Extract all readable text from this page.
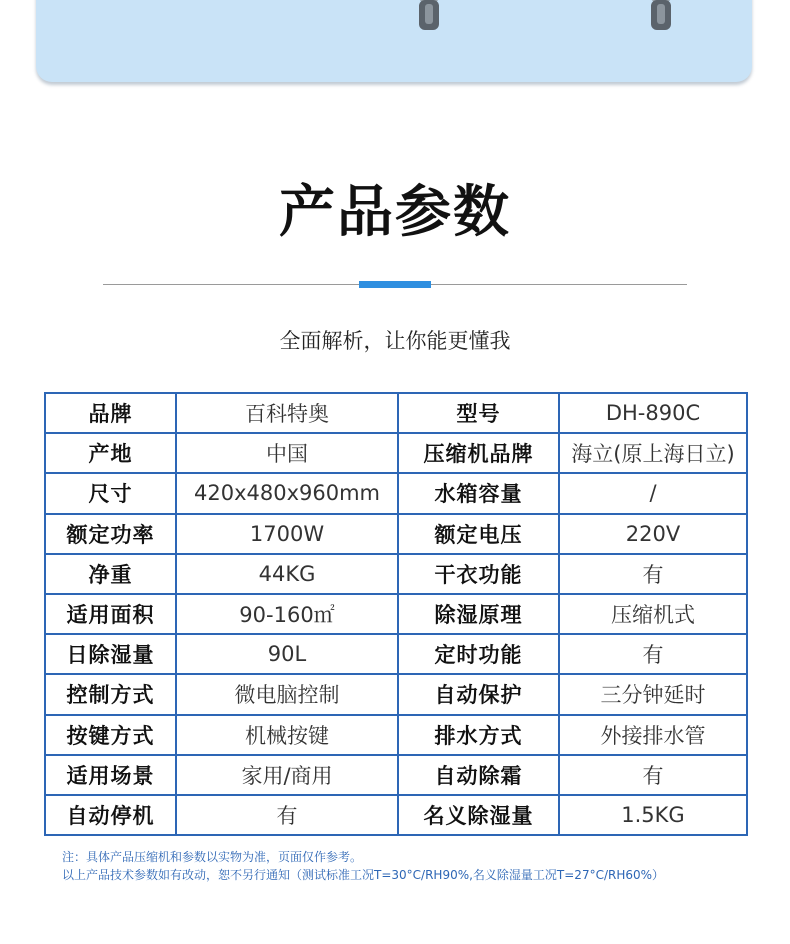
产品参数
全面解析，让你能更懂我
品牌	百科特奥	型号	DH-890C
产地	中国	压缩机品牌	海立(原上海日立)
尺寸	420x480x960mm	水箱容量	/
额定功率	1700W	额定电压	220V
净重	44KG	干衣功能	有
适用面积	90-160㎡	除湿原理	压缩机式
日除湿量	90L	定时功能	有
控制方式	微电脑控制	自动保护	三分钟延时
按键方式	机械按键	排水方式	外接排水管
适用场景	家用/商用	自动除霜	有
自动停机	有	名义除湿量	1.5KG
注：具体产品压缩机和参数以实物为准，页面仅作参考。
以上产品技术参数如有改动，恕不另行通知（测试标准工况T=30°C/RH90%,名义除湿量工况T=27°C/RH60%）
